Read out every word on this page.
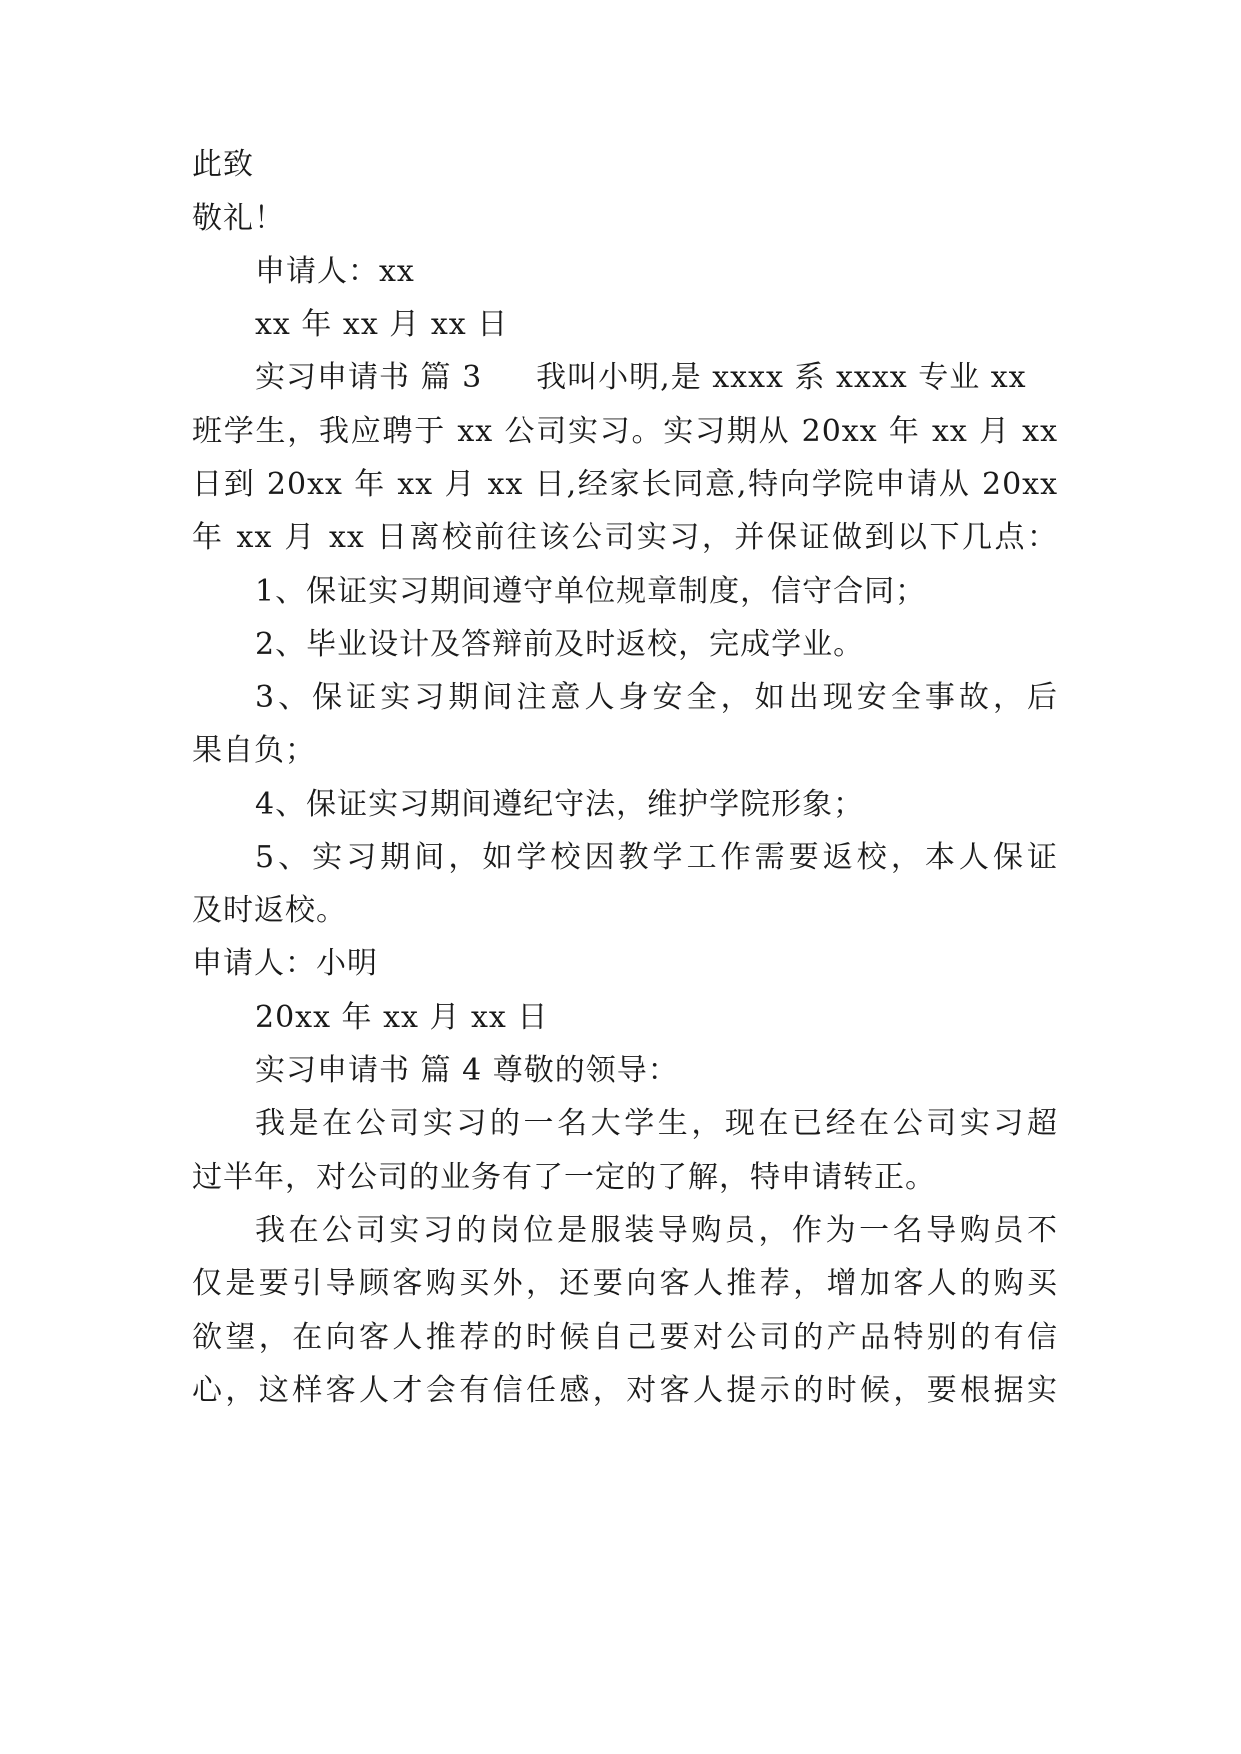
此致
敬礼！
申请人：xx
xx 年 xx 月 xx 日
实习申请书 篇 3 我叫小明,是 xxxx 系 xxxx 专业 xx
班学生，我应聘于 xx 公司实习。实习期从 20xx 年 xx 月 xx
日到 20xx 年 xx 月 xx 日,经家长同意,特向学院申请从 20xx
年 xx 月 xx 日离校前往该公司实习，并保证做到以下几点：
1、保证实习期间遵守单位规章制度，信守合同；
2、毕业设计及答辩前及时返校，完成学业。
3、保证实习期间注意人身安全，如出现安全事故，后
果自负；
4、保证实习期间遵纪守法，维护学院形象；
5、实习期间，如学校因教学工作需要返校，本人保证
及时返校。
申请人：小明
20xx 年 xx 月 xx 日
实习申请书 篇 4 尊敬的领导：
我是在公司实习的一名大学生，现在已经在公司实习超
过半年，对公司的业务有了一定的了解，特申请转正。
我在公司实习的岗位是服装导购员，作为一名导购员不
仅是要引导顾客购买外，还要向客人推荐，增加客人的购买
欲望，在向客人推荐的时候自己要对公司的产品特别的有信
心，这样客人才会有信任感，对客人提示的时候，要根据实
